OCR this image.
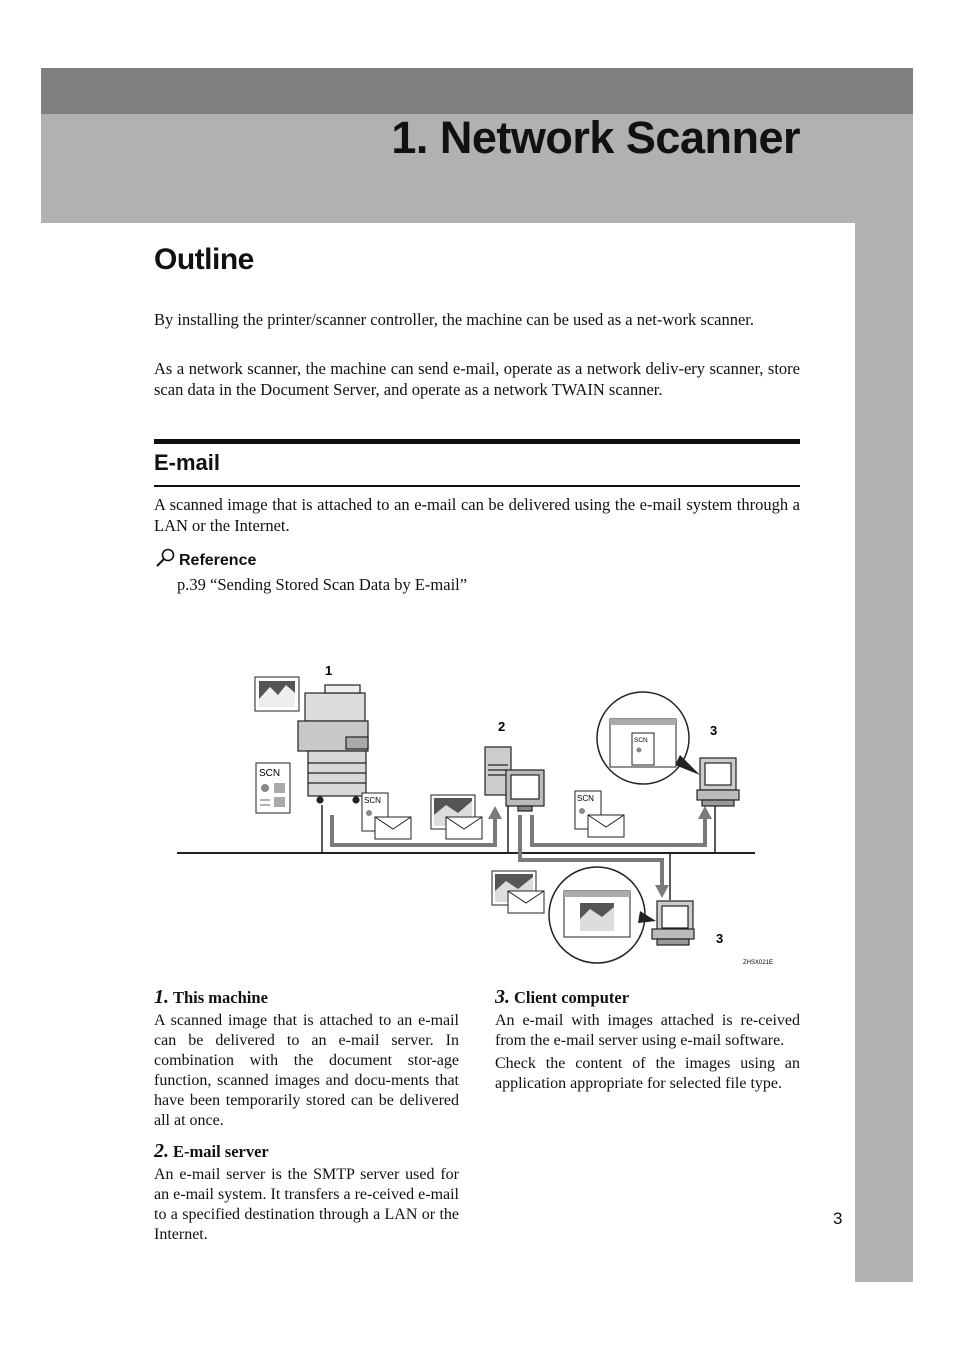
1. Network Scanner
Outline

By installing the printer/scanner controller, the machine can be used as a net-work scanner.

As a network scanner, the machine can send e-mail, operate as a network deliv-ery scanner, store scan data in the Document Server, and operate as a network TWAIN scanner.

E-mail

A scanned image that is attached to an e-mail can be delivered using the e-mail system through a LAN or the Internet.

Reference

p.39 “Sending Stored Scan Data by E-mail”

1
SCN
SCN
2
SCN
SCN
3
3
ZHSX021E

1. This machine

A scanned image that is attached to an e-mail can be delivered to an e-mail server. In combination with the document stor-age function, scanned images and docu-ments that have been temporarily stored can be delivered all at once.

2. E-mail server

An e-mail server is the SMTP server used for an e-mail system. It transfers a re-ceived e-mail to a specified destination through a LAN or the Internet.

3. Client computer

An e-mail with images attached is re-ceived from the e-mail server using e-mail software.

Check the content of the images using an application appropriate for selected file type.

3
